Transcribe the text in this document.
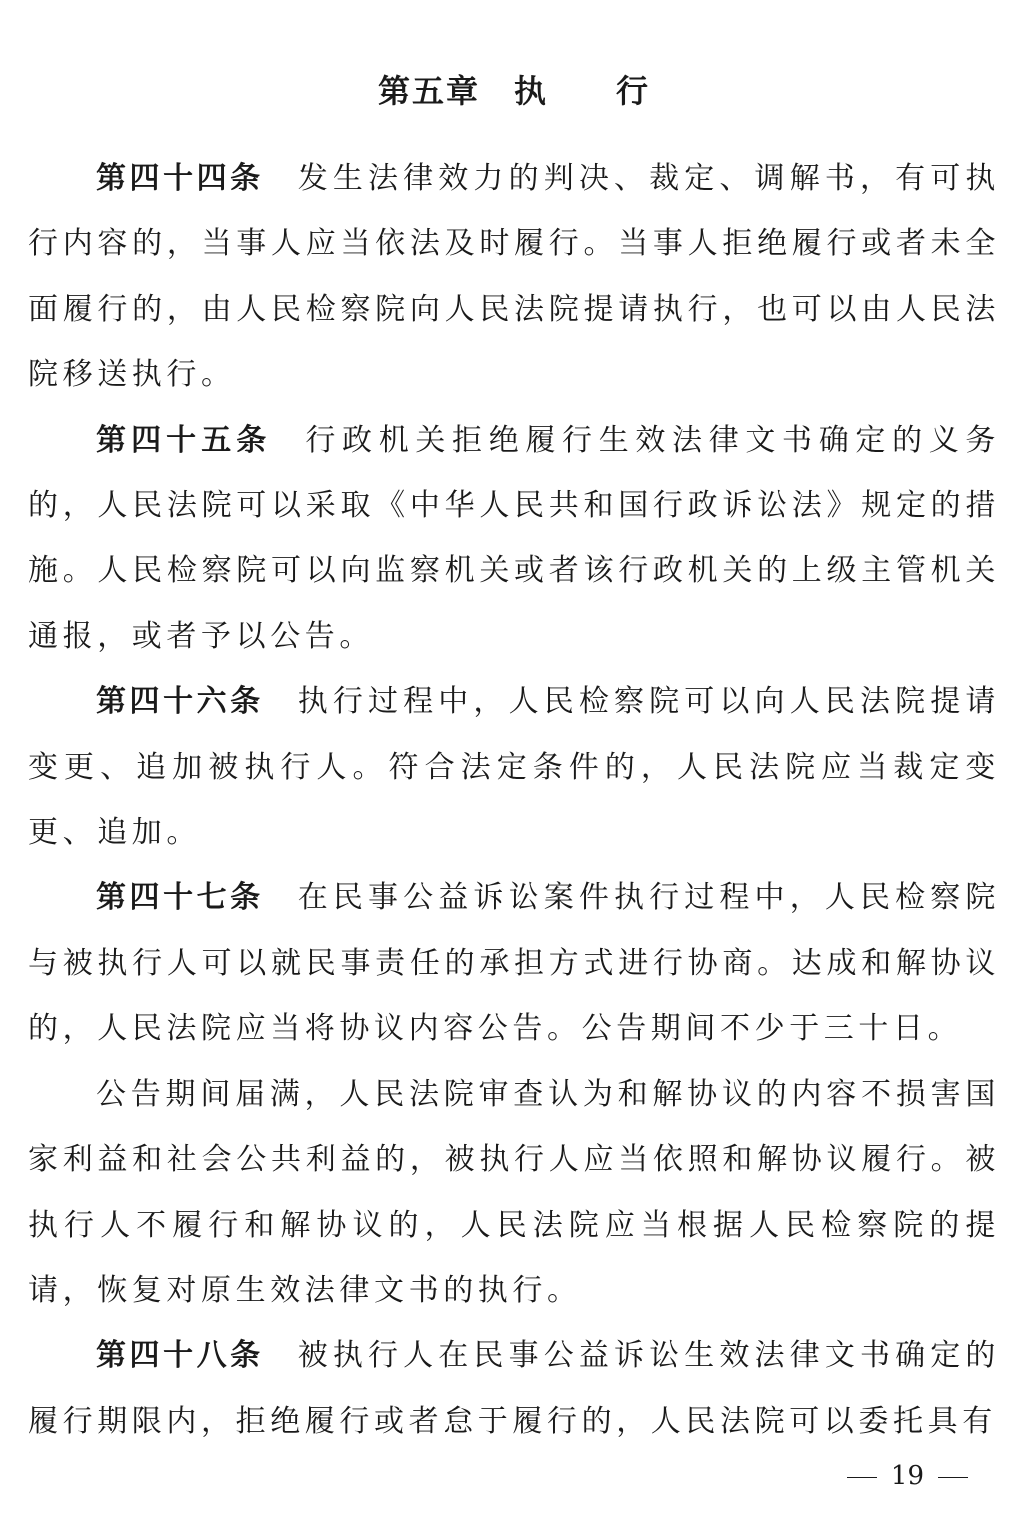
第五章　执　　行

第四十四条 发生法律效力的判决、裁定、调解书，有可执行内容的，当事人应当依法及时履行。当事人拒绝履行或者未全面履行的，由人民检察院向人民法院提请执行，也可以由人民法院移送执行。

第四十五条 行政机关拒绝履行生效法律文书确定的义务的，人民法院可以采取《中华人民共和国行政诉讼法》规定的措施。人民检察院可以向监察机关或者该行政机关的上级主管机关通报，或者予以公告。

第四十六条 执行过程中，人民检察院可以向人民法院提请变更、追加被执行人。符合法定条件的，人民法院应当裁定变更、追加。

第四十七条 在民事公益诉讼案件执行过程中，人民检察院与被执行人可以就民事责任的承担方式进行协商。达成和解协议的，人民法院应当将协议内容公告。公告期间不少于三十日。

公告期间届满，人民法院审查认为和解协议的内容不损害国家利益和社会公共利益的，被执行人应当依照和解协议履行。被执行人不履行和解协议的，人民法院应当根据人民检察院的提请，恢复对原生效法律文书的执行。

第四十八条 被执行人在民事公益诉讼生效法律文书确定的履行期限内，拒绝履行或者怠于履行的，人民法院可以委托具有

19
